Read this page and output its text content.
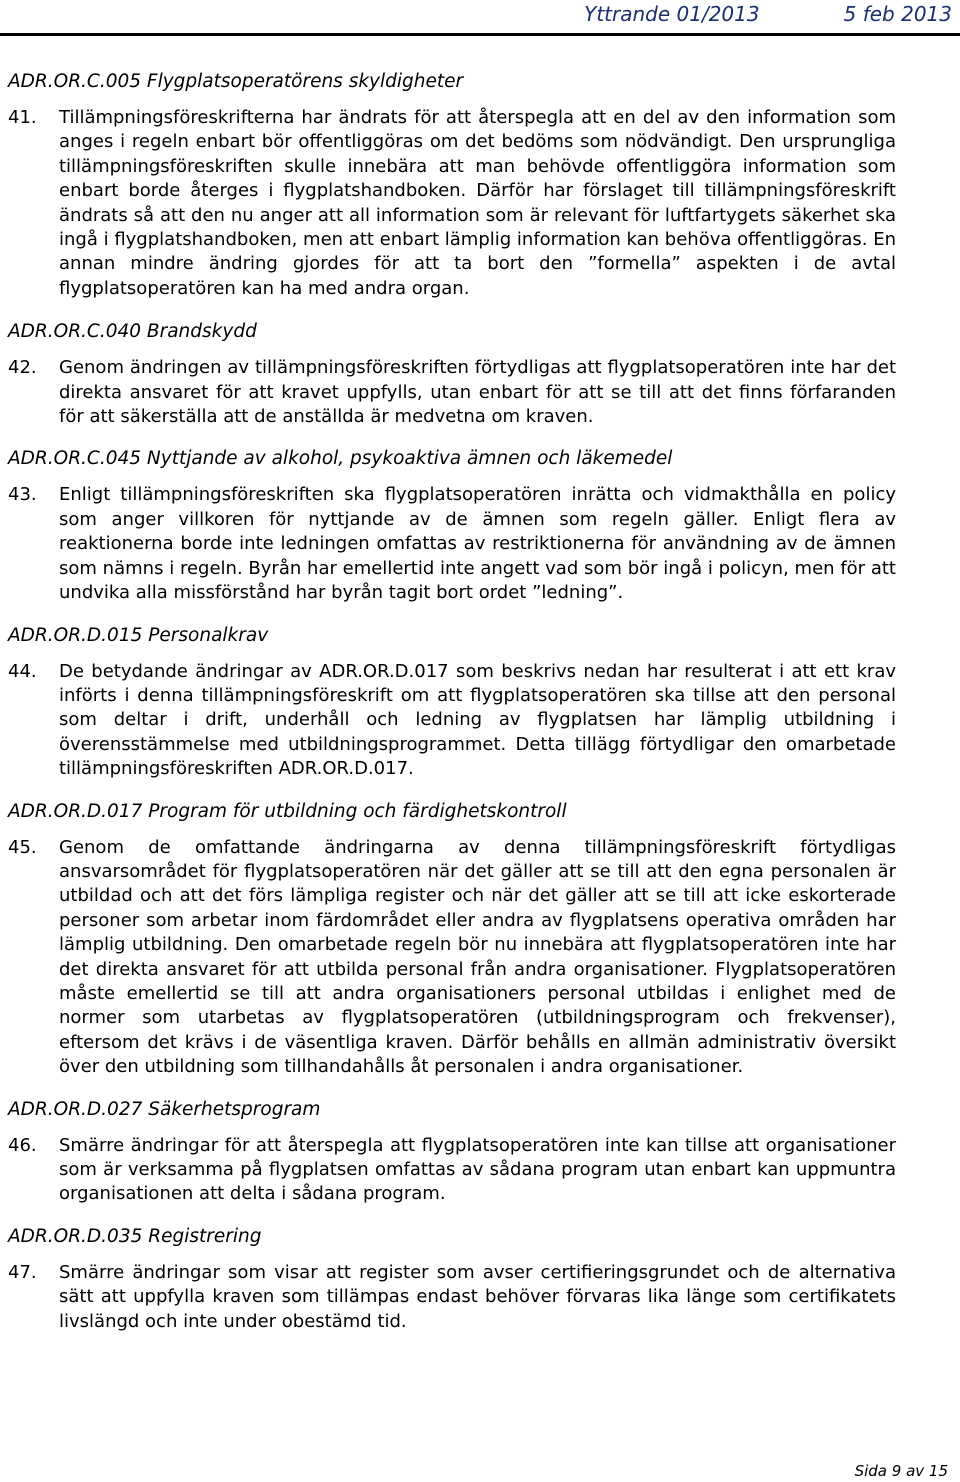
Yttrande 01/2013	5 feb 2013
ADR.OR.C.005 Flygplatsoperatörens skyldigheter
41.	Tillämpningsföreskrifterna har ändrats för att återspegla att en del av den information som anges i regeln enbart bör offentliggöras om det bedöms som nödvändigt. Den ursprungliga tillämpningsföreskriften skulle innebära att man behövde offentliggöra information som enbart borde återges i flygplatshandboken. Därför har förslaget till tillämpningsföreskrift ändrats så att den nu anger att all information som är relevant för luftfartygets säkerhet ska ingå i flygplatshandboken, men att enbart lämplig information kan behöva offentliggöras. En annan mindre ändring gjordes för att ta bort den ”formella” aspekten i de avtal flygplatsoperatören kan ha med andra organ.
ADR.OR.C.040 Brandskydd
42.	Genom ändringen av tillämpningsföreskriften förtydligas att flygplatsoperatören inte har det direkta ansvaret för att kravet uppfylls, utan enbart för att se till att det finns förfaranden för att säkerställa att de anställda är medvetna om kraven.
ADR.OR.C.045 Nyttjande av alkohol, psykoaktiva ämnen och läkemedel
43.	Enligt tillämpningsföreskriften ska flygplatsoperatören inrätta och vidmakthålla en policy som anger villkoren för nyttjande av de ämnen som regeln gäller. Enligt flera av reaktionerna borde inte ledningen omfattas av restriktionerna för användning av de ämnen som nämns i regeln. Byrån har emellertid inte angett vad som bör ingå i policyn, men för att undvika alla missförstånd har byrån tagit bort ordet ”ledning”.
ADR.OR.D.015 Personalkrav
44.	De betydande ändringar av ADR.OR.D.017 som beskrivs nedan har resulterat i att ett krav införts i denna tillämpningsföreskrift om att flygplatsoperatören ska tillse att den personal som deltar i drift, underhåll och ledning av flygplatsen har lämplig utbildning i överensstämmelse med utbildningsprogrammet. Detta tillägg förtydligar den omarbetade tillämpningsföreskriften ADR.OR.D.017.
ADR.OR.D.017 Program för utbildning och färdighetskontroll
45.	Genom de omfattande ändringarna av denna tillämpningsföreskrift förtydligas ansvarsområdet för flygplatsoperatören när det gäller att se till att den egna personalen är utbildad och att det förs lämpliga register och när det gäller att se till att icke eskorterade personer som arbetar inom färdområdet eller andra av flygplatsens operativa områden har lämplig utbildning. Den omarbetade regeln bör nu innebära att flygplatsoperatören inte har det direkta ansvaret för att utbilda personal från andra organisationer. Flygplatsoperatören måste emellertid se till att andra organisationers personal utbildas i enlighet med de normer som utarbetas av flygplatsoperatören (utbildningsprogram och frekvenser), eftersom det krävs i de väsentliga kraven. Därför behålls en allmän administrativ översikt över den utbildning som tillhandahålls åt personalen i andra organisationer.
ADR.OR.D.027 Säkerhetsprogram
46.	Smärre ändringar för att återspegla att flygplatsoperatören inte kan tillse att organisationer som är verksamma på flygplatsen omfattas av sådana program utan enbart kan uppmuntra organisationen att delta i sådana program.
ADR.OR.D.035 Registrering
47.	Smärre ändringar som visar att register som avser certifieringsgrundet och de alternativa sätt att uppfylla kraven som tillämpas endast behöver förvaras lika länge som certifikatets livslängd och inte under obestämd tid.
Sida 9 av 15
